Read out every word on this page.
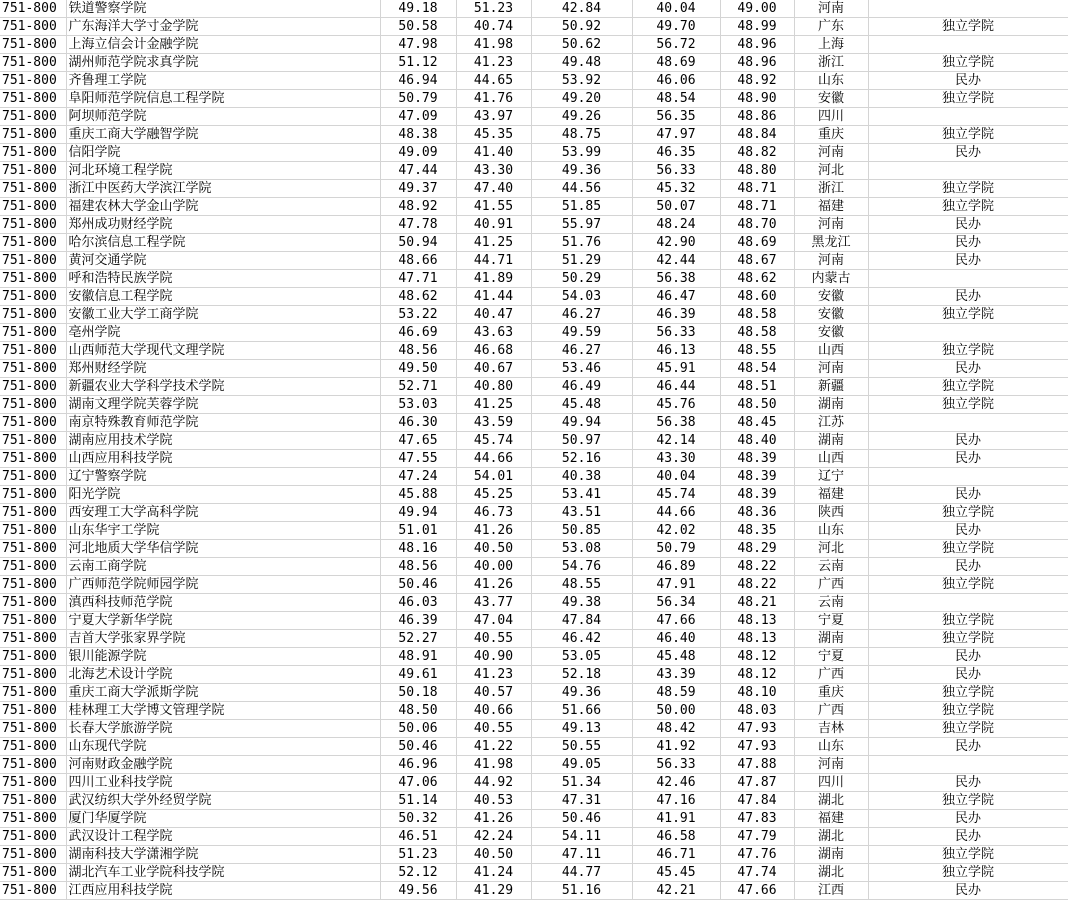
751-800	铁道警察学院	49.18	51.23	42.84	40.04	49.00	河南	
751-800	广东海洋大学寸金学院	50.58	40.74	50.92	49.70	48.99	广东	独立学院
751-800	上海立信会计金融学院	47.98	41.98	50.62	56.72	48.96	上海	
751-800	湖州师范学院求真学院	51.12	41.23	49.48	48.69	48.96	浙江	独立学院
751-800	齐鲁理工学院	46.94	44.65	53.92	46.06	48.92	山东	民办
751-800	阜阳师范学院信息工程学院	50.79	41.76	49.20	48.54	48.90	安徽	独立学院
751-800	阿坝师范学院	47.09	43.97	49.26	56.35	48.86	四川	
751-800	重庆工商大学融智学院	48.38	45.35	48.75	47.97	48.84	重庆	独立学院
751-800	信阳学院	49.09	41.40	53.99	46.35	48.82	河南	民办
751-800	河北环境工程学院	47.44	43.30	49.36	56.33	48.80	河北	
751-800	浙江中医药大学滨江学院	49.37	47.40	44.56	45.32	48.71	浙江	独立学院
751-800	福建农林大学金山学院	48.92	41.55	51.85	50.07	48.71	福建	独立学院
751-800	郑州成功财经学院	47.78	40.91	55.97	48.24	48.70	河南	民办
751-800	哈尔滨信息工程学院	50.94	41.25	51.76	42.90	48.69	黑龙江	民办
751-800	黄河交通学院	48.66	44.71	51.29	42.44	48.67	河南	民办
751-800	呼和浩特民族学院	47.71	41.89	50.29	56.38	48.62	内蒙古	
751-800	安徽信息工程学院	48.62	41.44	54.03	46.47	48.60	安徽	民办
751-800	安徽工业大学工商学院	53.22	40.47	46.27	46.39	48.58	安徽	独立学院
751-800	亳州学院	46.69	43.63	49.59	56.33	48.58	安徽	
751-800	山西师范大学现代文理学院	48.56	46.68	46.27	46.13	48.55	山西	独立学院
751-800	郑州财经学院	49.50	40.67	53.46	45.91	48.54	河南	民办
751-800	新疆农业大学科学技术学院	52.71	40.80	46.49	46.44	48.51	新疆	独立学院
751-800	湖南文理学院芙蓉学院	53.03	41.25	45.48	45.76	48.50	湖南	独立学院
751-800	南京特殊教育师范学院	46.30	43.59	49.94	56.38	48.45	江苏	
751-800	湖南应用技术学院	47.65	45.74	50.97	42.14	48.40	湖南	民办
751-800	山西应用科技学院	47.55	44.66	52.16	43.30	48.39	山西	民办
751-800	辽宁警察学院	47.24	54.01	40.38	40.04	48.39	辽宁	
751-800	阳光学院	45.88	45.25	53.41	45.74	48.39	福建	民办
751-800	西安理工大学高科学院	49.94	46.73	43.51	44.66	48.36	陕西	独立学院
751-800	山东华宇工学院	51.01	41.26	50.85	42.02	48.35	山东	民办
751-800	河北地质大学华信学院	48.16	40.50	53.08	50.79	48.29	河北	独立学院
751-800	云南工商学院	48.56	40.00	54.76	46.89	48.22	云南	民办
751-800	广西师范学院师园学院	50.46	41.26	48.55	47.91	48.22	广西	独立学院
751-800	滇西科技师范学院	46.03	43.77	49.38	56.34	48.21	云南	
751-800	宁夏大学新华学院	46.39	47.04	47.84	47.66	48.13	宁夏	独立学院
751-800	吉首大学张家界学院	52.27	40.55	46.42	46.40	48.13	湖南	独立学院
751-800	银川能源学院	48.91	40.90	53.05	45.48	48.12	宁夏	民办
751-800	北海艺术设计学院	49.61	41.23	52.18	43.39	48.12	广西	民办
751-800	重庆工商大学派斯学院	50.18	40.57	49.36	48.59	48.10	重庆	独立学院
751-800	桂林理工大学博文管理学院	48.50	40.66	51.66	50.00	48.03	广西	独立学院
751-800	长春大学旅游学院	50.06	40.55	49.13	48.42	47.93	吉林	独立学院
751-800	山东现代学院	50.46	41.22	50.55	41.92	47.93	山东	民办
751-800	河南财政金融学院	46.96	41.98	49.05	56.33	47.88	河南	
751-800	四川工业科技学院	47.06	44.92	51.34	42.46	47.87	四川	民办
751-800	武汉纺织大学外经贸学院	51.14	40.53	47.31	47.16	47.84	湖北	独立学院
751-800	厦门华厦学院	50.32	41.26	50.46	41.91	47.83	福建	民办
751-800	武汉设计工程学院	46.51	42.24	54.11	46.58	47.79	湖北	民办
751-800	湖南科技大学潇湘学院	51.23	40.50	47.11	46.71	47.76	湖南	独立学院
751-800	湖北汽车工业学院科技学院	52.12	41.24	44.77	45.45	47.74	湖北	独立学院
751-800	江西应用科技学院	49.56	41.29	51.16	42.21	47.66	江西	民办
